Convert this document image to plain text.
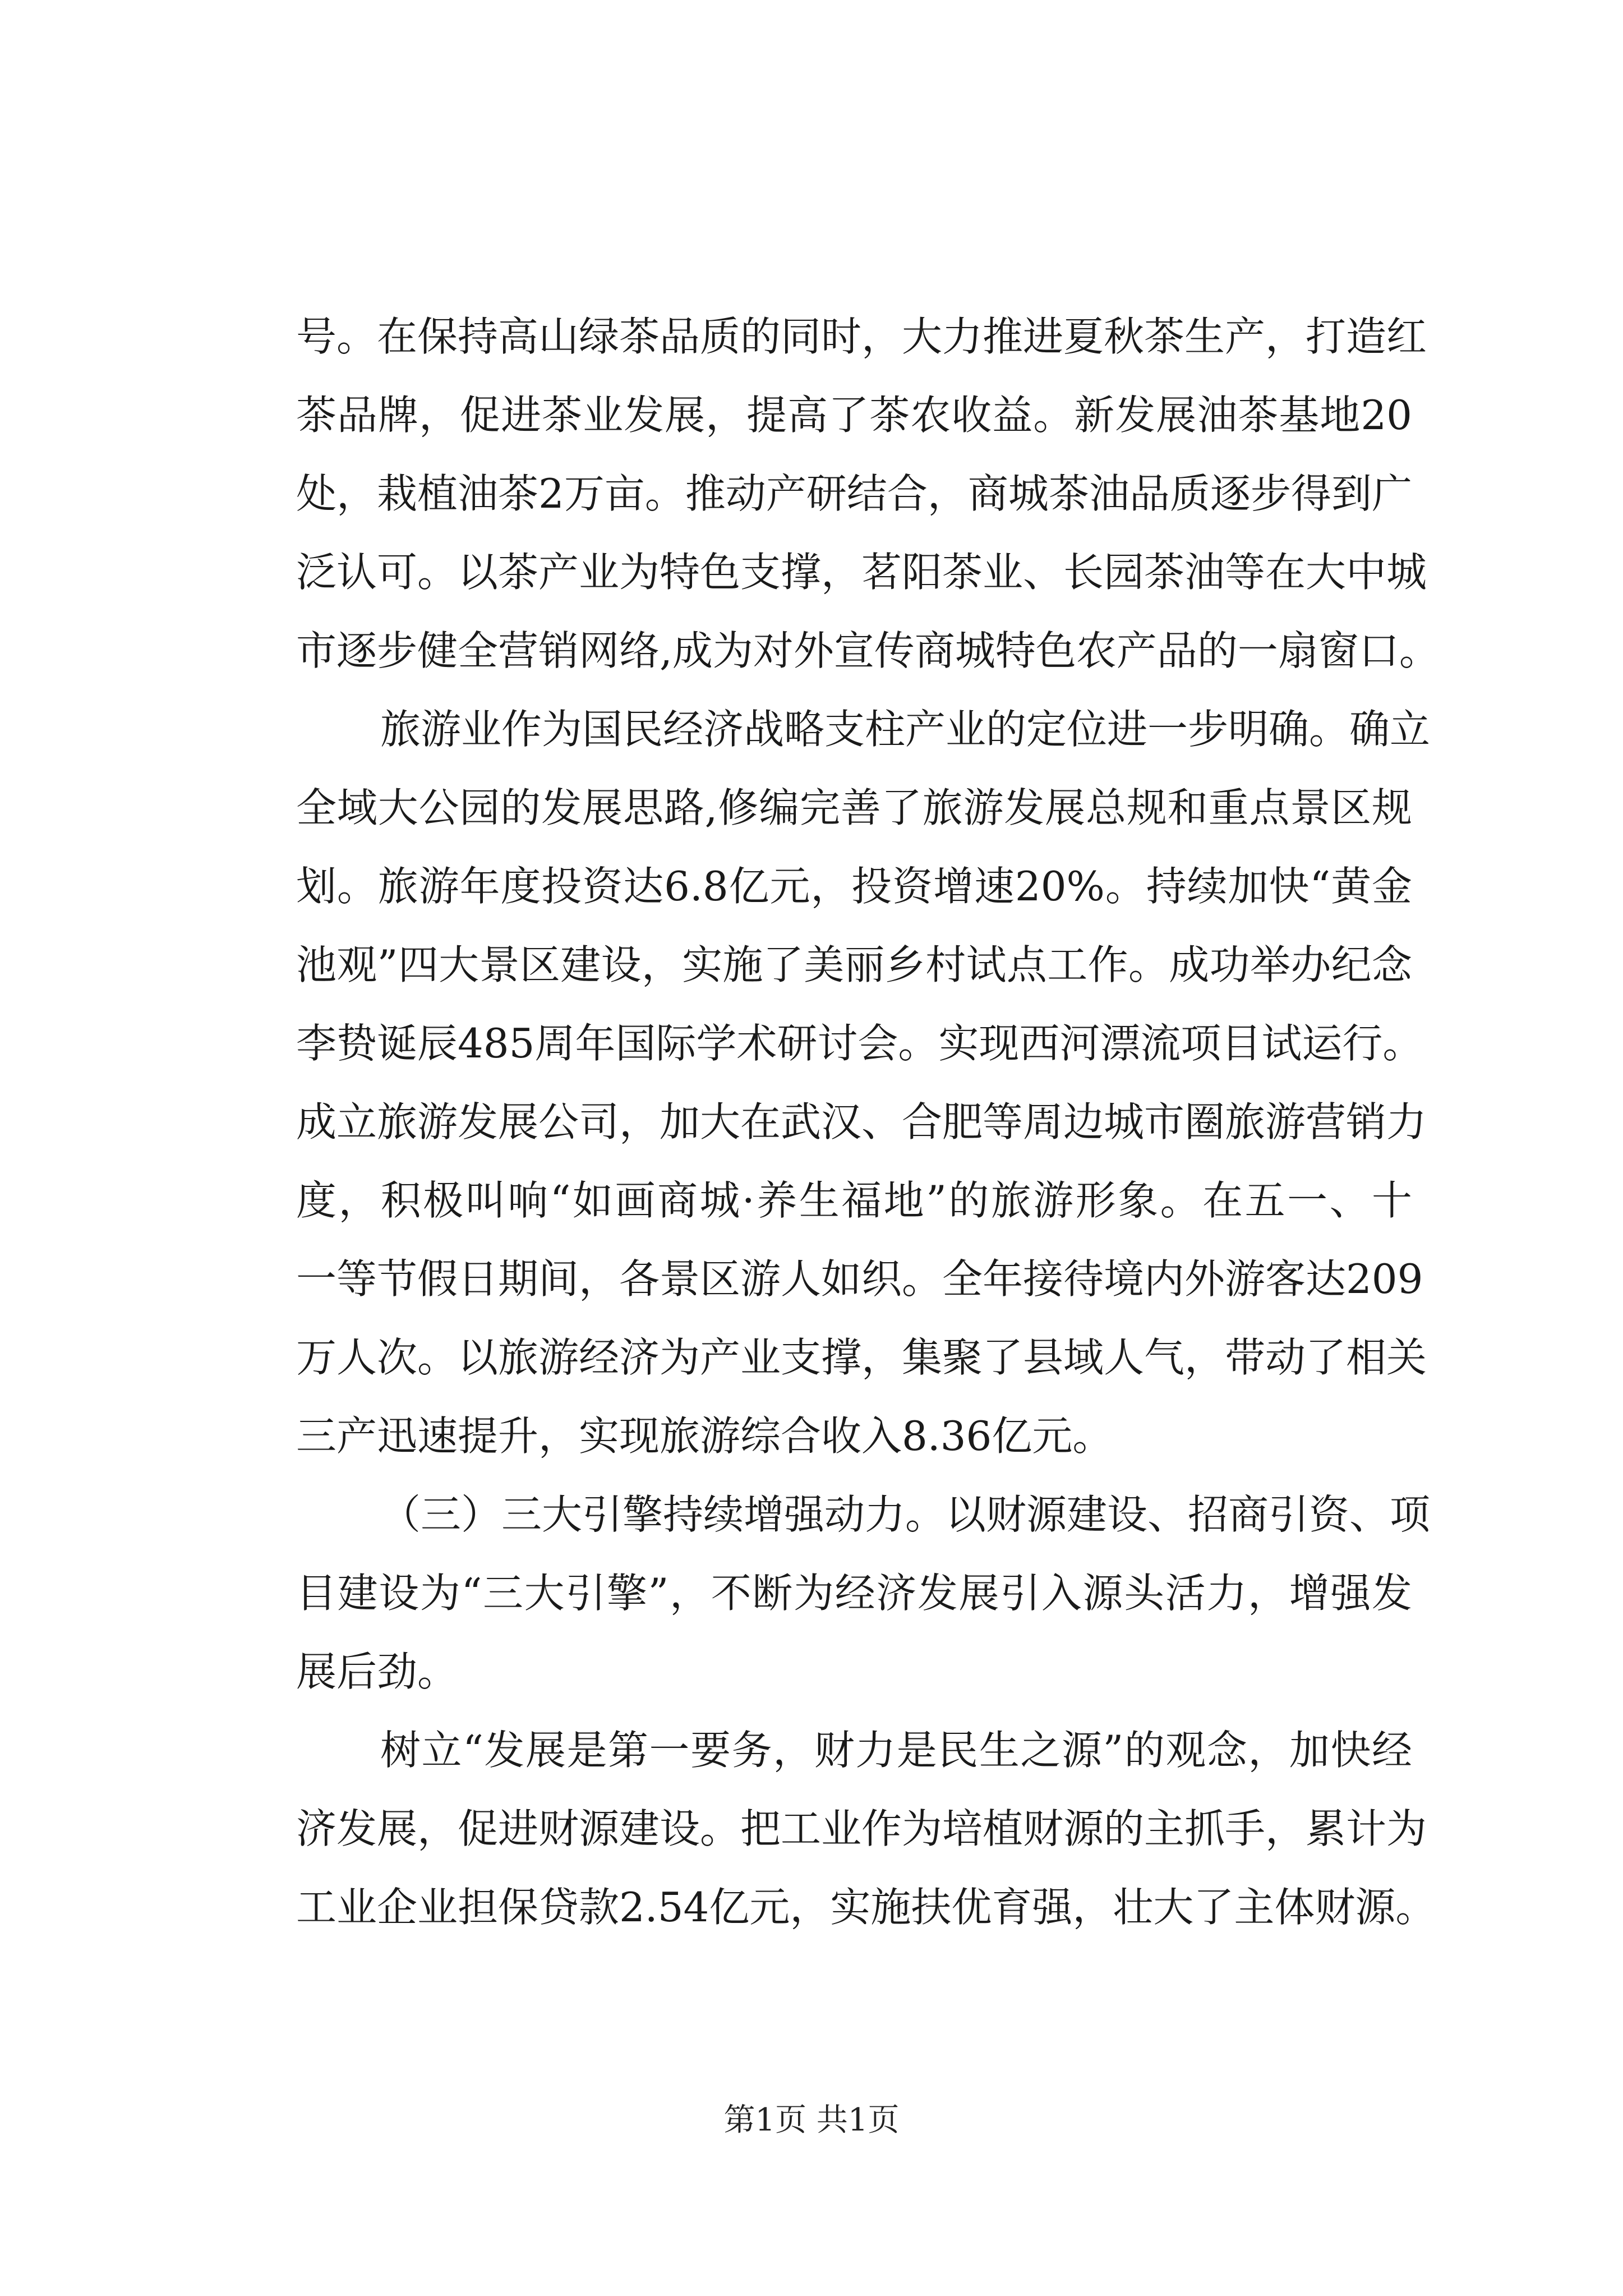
号。在保持高山绿茶品质的同时，大力推进夏秋茶生产，打造红
茶品牌，促进茶业发展，提高了茶农收益。新发展油茶基地20
处，栽植油茶2万亩。推动产研结合，商城茶油品质逐步得到广
泛认可。以茶产业为特色支撑，茗阳茶业、长园茶油等在大中城
市逐步健全营销网络,成为对外宣传商城特色农产品的一扇窗口。
旅游业作为国民经济战略支柱产业的定位进一步明确。确立
全域大公园的发展思路,修编完善了旅游发展总规和重点景区规
划。旅游年度投资达6.8亿元，投资增速20%。持续加快“黄金
池观”四大景区建设，实施了美丽乡村试点工作。成功举办纪念
李贽诞辰485周年国际学术研讨会。实现西河漂流项目试运行。
成立旅游发展公司，加大在武汉、合肥等周边城市圈旅游营销力
度，积极叫响“如画商城·养生福地”的旅游形象。在五一、十
一等节假日期间，各景区游人如织。全年接待境内外游客达209
万人次。以旅游经济为产业支撑，集聚了县域人气，带动了相关
三产迅速提升，实现旅游综合收入8.36亿元。
（三）三大引擎持续增强动力。以财源建设、招商引资、项
目建设为“三大引擎”，不断为经济发展引入源头活力，增强发
展后劲。
树立“发展是第一要务，财力是民生之源”的观念，加快经
济发展，促进财源建设。把工业作为培植财源的主抓手，累计为
工业企业担保贷款2.54亿元，实施扶优育强，壮大了主体财源。
第1页 共1页
